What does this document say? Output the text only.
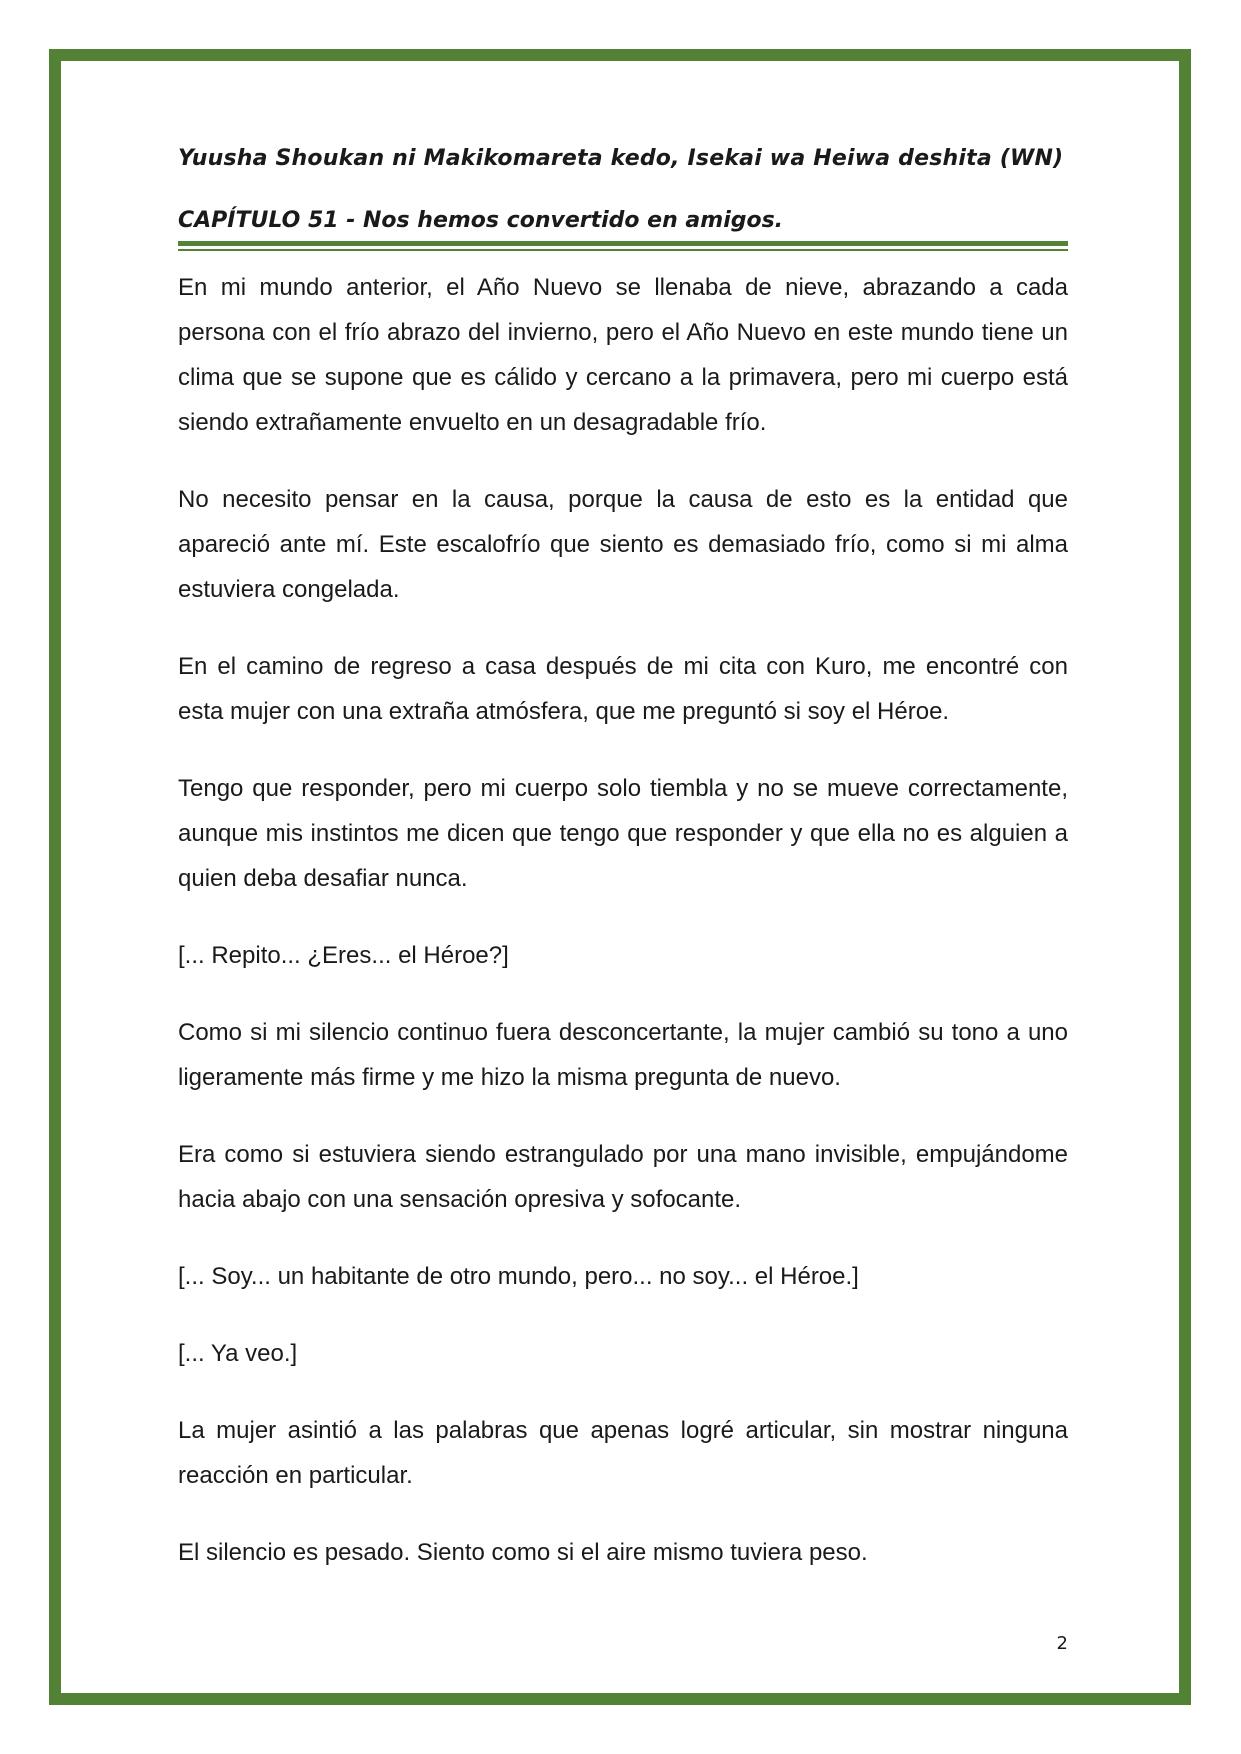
Yuusha Shoukan ni Makikomareta kedo, Isekai wa Heiwa deshita (WN)
CAPÍTULO 51 - Nos hemos convertido en amigos.

En mi mundo anterior, el Año Nuevo se llenaba de nieve, abrazando a cada persona con el frío abrazo del invierno, pero el Año Nuevo en este mundo tiene un clima que se supone que es cálido y cercano a la primavera, pero mi cuerpo está siendo extrañamente envuelto en un desagradable frío.

No necesito pensar en la causa, porque la causa de esto es la entidad que apareció ante mí. Este escalofrío que siento es demasiado frío, como si mi alma estuviera congelada.

En el camino de regreso a casa después de mi cita con Kuro, me encontré con esta mujer con una extraña atmósfera, que me preguntó si soy el Héroe.

Tengo que responder, pero mi cuerpo solo tiembla y no se mueve correctamente, aunque mis instintos me dicen que tengo que responder y que ella no es alguien a quien deba desafiar nunca.

[... Repito... ¿Eres... el Héroe?]

Como si mi silencio continuo fuera desconcertante, la mujer cambió su tono a uno ligeramente más firme y me hizo la misma pregunta de nuevo.

Era como si estuviera siendo estrangulado por una mano invisible, empujándome hacia abajo con una sensación opresiva y sofocante.

[... Soy... un habitante de otro mundo, pero... no soy... el Héroe.]

[... Ya veo.]

La mujer asintió a las palabras que apenas logré articular, sin mostrar ninguna reacción en particular.

El silencio es pesado. Siento como si el aire mismo tuviera peso.

2
